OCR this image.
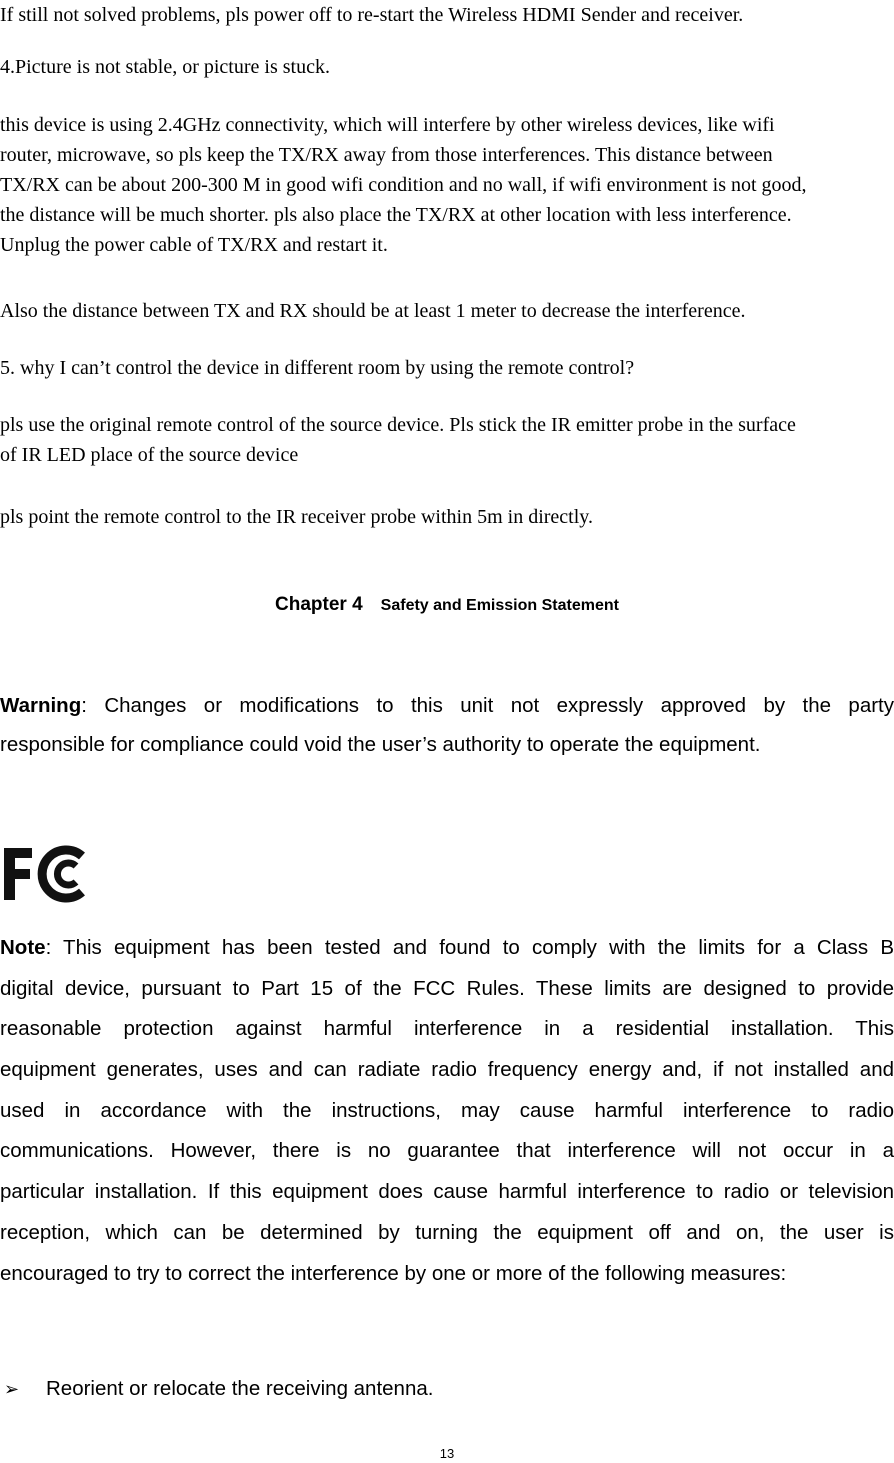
If still not solved problems, pls power off to re-start the Wireless HDMI Sender and receiver.

4.Picture is not stable, or picture is stuck.

this device is using 2.4GHz connectivity, which will interfere by other wireless devices, like wifi
router, microwave, so pls keep the TX/RX away from those interferences. This distance between
TX/RX can be about 200-300 M in good wifi condition and no wall, if wifi environment is not good,
the distance will be much shorter. pls also place the TX/RX at other location with less interference.
Unplug the power cable of TX/RX and restart it.

Also the distance between TX and RX should be at least 1 meter to decrease the interference.

5. why I can’t control the device in different room by using the remote control?

pls use the original remote control of the source device. Pls stick the IR emitter probe in the surface
of IR LED place of the source device

pls point the remote control to the IR receiver probe within 5m in directly.

Chapter 4 Safety and Emission Statement
Warning: Changes or modifications to this unit not expressly approved by the party
responsible for compliance could void the user’s authority to operate the equipment.
Note: This equipment has been tested and found to comply with the limits for a Class B
digital device, pursuant to Part 15 of the FCC Rules. These limits are designed to provide
reasonable protection against harmful interference in a residential installation. This
equipment generates, uses and can radiate radio frequency energy and, if not installed and
used in accordance with the instructions, may cause harmful interference to radio
communications. However, there is no guarantee that interference will not occur in a
particular installation. If this equipment does cause harmful interference to radio or television
reception, which can be determined by turning the equipment off and on, the user is
encouraged to try to correct the interference by one or more of the following measures:
➢ Reorient or relocate the receiving antenna.
13
